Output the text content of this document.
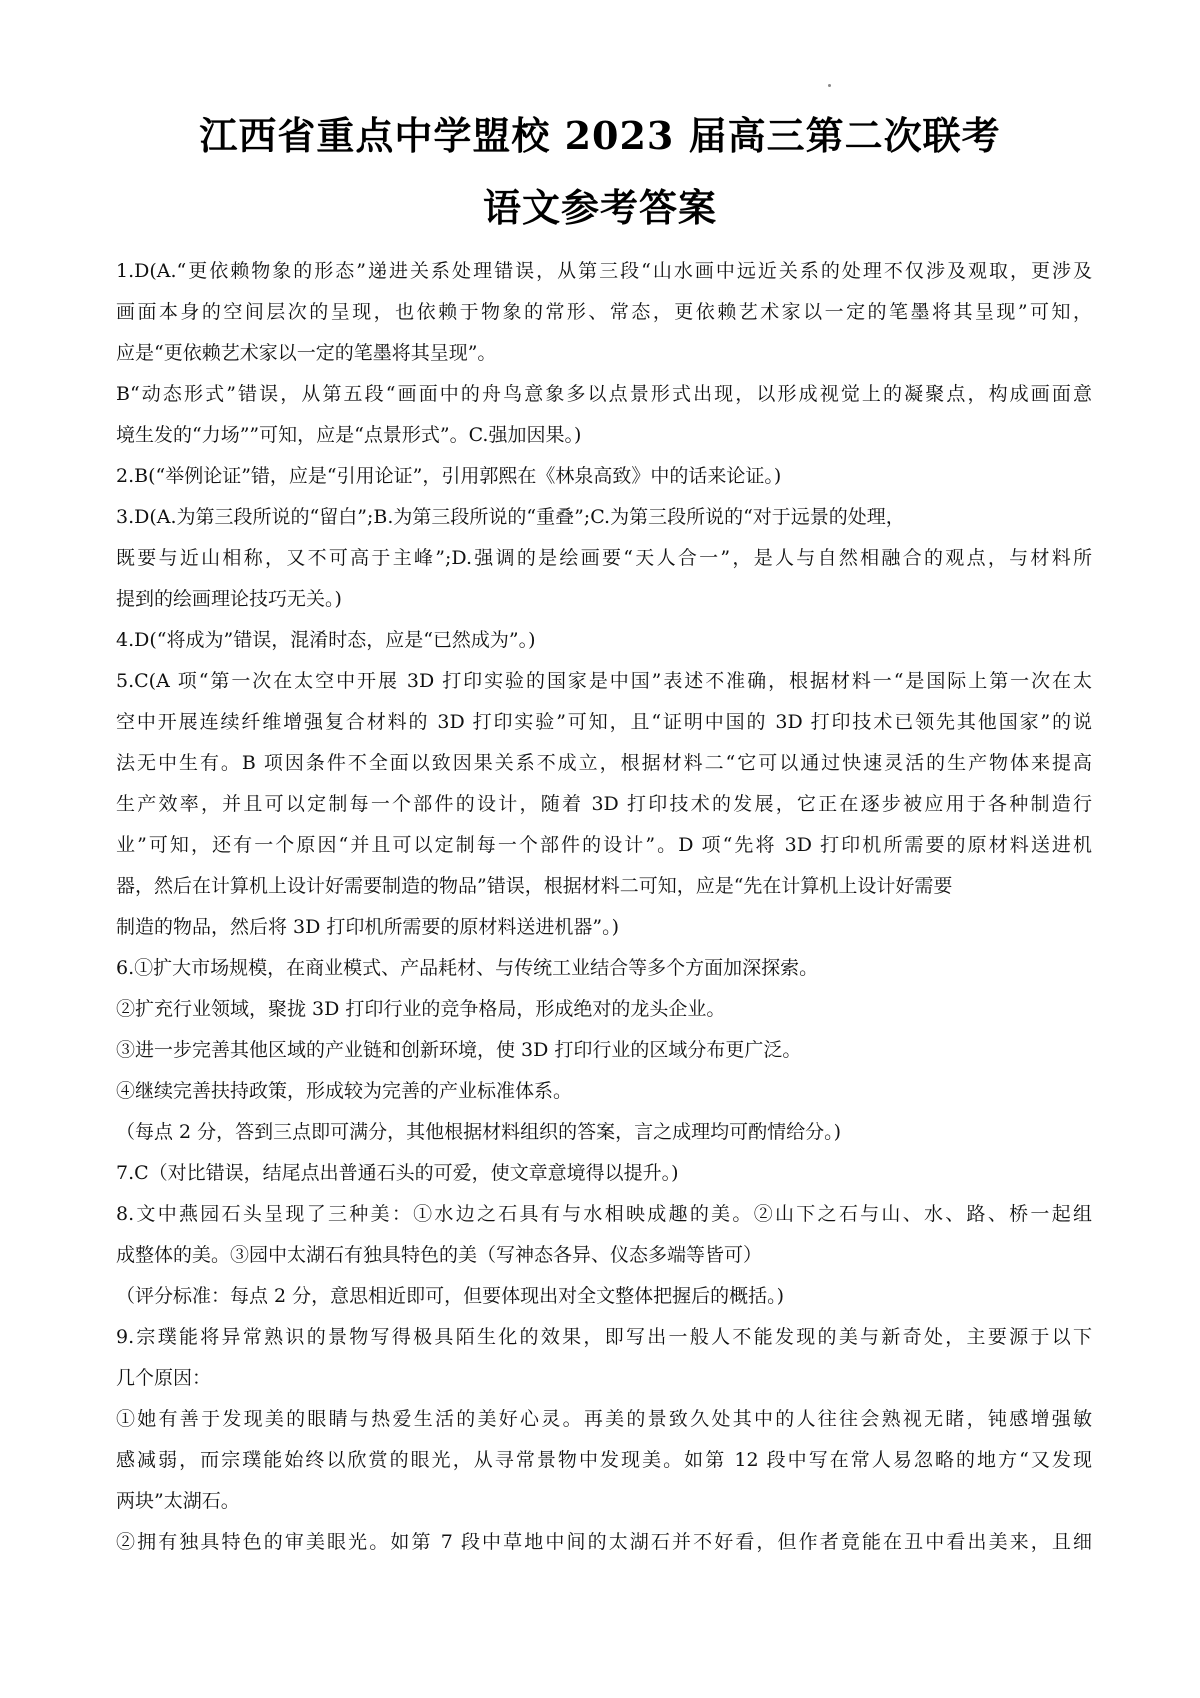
江西省重点中学盟校 2023 届高三第二次联考
语文参考答案
1.D(A.“更依赖物象的形态”递进关系处理错误，从第三段“山水画中远近关系的处理不仅涉及观取，更涉及
画面本身的空间层次的呈现，也依赖于物象的常形、常态，更依赖艺术家以一定的笔墨将其呈现”可知，
应是“更依赖艺术家以一定的笔墨将其呈现”。
B“动态形式”错误，从第五段“画面中的舟鸟意象多以点景形式出现，以形成视觉上的凝聚点，构成画面意
境生发的“力场””可知，应是“点景形式”。C.强加因果。)
2.B(“举例论证”错，应是“引用论证”，引用郭熙在《林泉高致》中的话来论证。)
3.D(A.为第三段所说的“留白”;B.为第三段所说的“重叠”;C.为第三段所说的“对于远景的处理，
既要与近山相称，又不可高于主峰”;D.强调的是绘画要“天人合一”，是人与自然相融合的观点，与材料所
提到的绘画理论技巧无关。)
4.D(“将成为”错误，混淆时态，应是“已然成为”。)
5.C(A 项“第一次在太空中开展 3D 打印实验的国家是中国”表述不准确，根据材料一“是国际上第一次在太
空中开展连续纤维增强复合材料的 3D 打印实验”可知，且“证明中国的 3D 打印技术已领先其他国家”的说
法无中生有。B 项因条件不全面以致因果关系不成立，根据材料二“它可以通过快速灵活的生产物体来提高
生产效率，并且可以定制每一个部件的设计，随着 3D 打印技术的发展，它正在逐步被应用于各种制造行
业”可知，还有一个原因“并且可以定制每一个部件的设计”。D 项“先将 3D 打印机所需要的原材料送进机
器，然后在计算机上设计好需要制造的物品”错误，根据材料二可知，应是“先在计算机上设计好需要
制造的物品，然后将 3D 打印机所需要的原材料送进机器”。)
6.①扩大市场规模，在商业模式、产品耗材、与传统工业结合等多个方面加深探索。
②扩充行业领域，聚拢 3D 打印行业的竞争格局，形成绝对的龙头企业。
③进一步完善其他区域的产业链和创新环境，使 3D 打印行业的区域分布更广泛。
④继续完善扶持政策，形成较为完善的产业标准体系。
（每点 2 分，答到三点即可满分，其他根据材料组织的答案，言之成理均可酌情给分。)
7.C（对比错误，结尾点出普通石头的可爱，使文章意境得以提升。)
8.文中燕园石头呈现了三种美：①水边之石具有与水相映成趣的美。②山下之石与山、水、路、桥一起组
成整体的美。③园中太湖石有独具特色的美（写神态各异、仪态多端等皆可）
（评分标准：每点 2 分，意思相近即可，但要体现出对全文整体把握后的概括。)
9.宗璞能将异常熟识的景物写得极具陌生化的效果，即写出一般人不能发现的美与新奇处，主要源于以下
几个原因：
①她有善于发现美的眼睛与热爱生活的美好心灵。再美的景致久处其中的人往往会熟视无睹，钝感增强敏
感减弱，而宗璞能始终以欣赏的眼光，从寻常景物中发现美。如第 12 段中写在常人易忽略的地方“又发现
两块”太湖石。
②拥有独具特色的审美眼光。如第 7 段中草地中间的太湖石并不好看，但作者竟能在丑中看出美来，且细
